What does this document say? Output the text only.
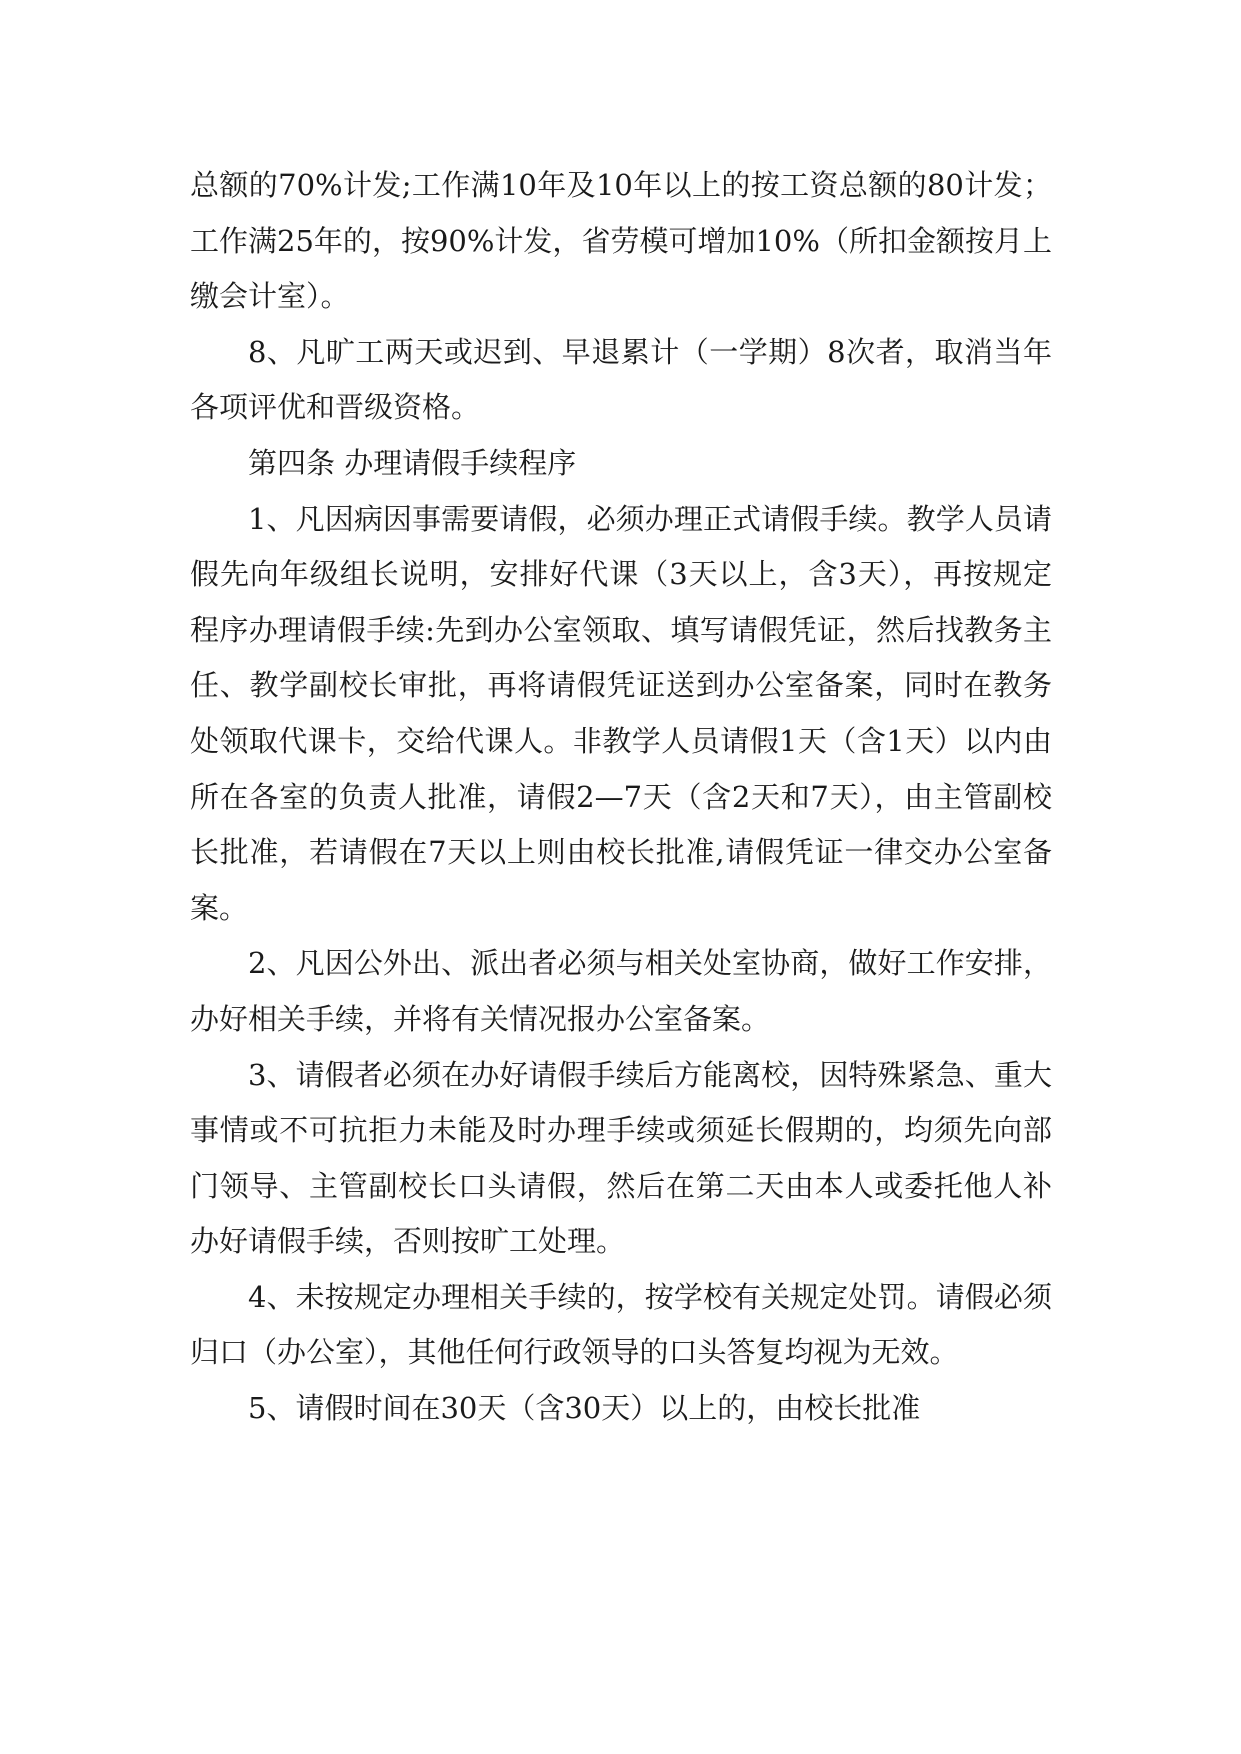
总额的70%计发;工作满10年及10年以上的按工资总额的80计发；工作满25年的，按90%计发，省劳模可增加10%（所扣金额按月上缴会计室）。

8、凡旷工两天或迟到、早退累计（一学期）8次者，取消当年各项评优和晋级资格。

第四条 办理请假手续程序

1、凡因病因事需要请假，必须办理正式请假手续。教学人员请假先向年级组长说明，安排好代课（3天以上，含3天），再按规定程序办理请假手续:先到办公室领取、填写请假凭证，然后找教务主任、教学副校长审批，再将请假凭证送到办公室备案，同时在教务处领取代课卡，交给代课人。非教学人员请假1天（含1天）以内由所在各室的负责人批准，请假2—7天（含2天和7天），由主管副校长批准，若请假在7天以上则由校长批准,请假凭证一律交办公室备案。

2、凡因公外出、派出者必须与相关处室协商，做好工作安排，办好相关手续，并将有关情况报办公室备案。

3、请假者必须在办好请假手续后方能离校，因特殊紧急、重大事情或不可抗拒力未能及时办理手续或须延长假期的，均须先向部门领导、主管副校长口头请假，然后在第二天由本人或委托他人补办好请假手续，否则按旷工处理。

4、未按规定办理相关手续的，按学校有关规定处罚。请假必须归口（办公室），其他任何行政领导的口头答复均视为无效。

5、请假时间在30天（含30天）以上的，由校长批准
